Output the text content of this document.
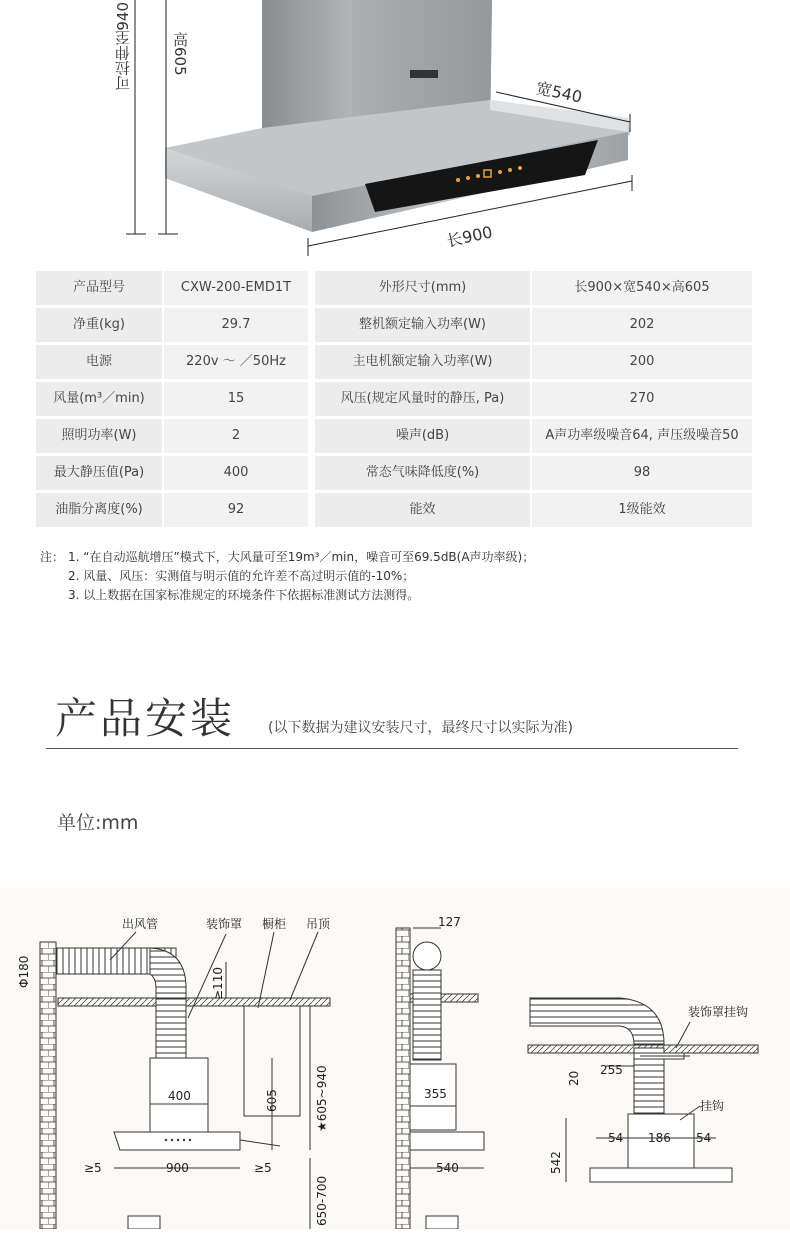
可拉伸至940	高605
宽540
长900
产品型号	CXW-200-EMD1T	外形尺寸(mm)	长900×宽540×高605
净重(kg)	29.7	整机额定输入功率(W)	202
电源	220v ～ ／50Hz	主电机额定输入功率(W)	200
风量(m³／min)	15	风压(规定风量时的静压, Pa)	270
照明功率(W)	2	噪声(dB)	A声功率级噪音64, 声压级噪音50
最大静压值(Pa)	400	常态气味降低度(%)	98
油脂分离度(%)	92	能效	1级能效
注： 1. “在自动巡航增压”模式下，大风量可至19m³／min，噪音可至69.5dB(A声功率级)；
2. 风量、风压：实测值与明示值的允许差不高过明示值的-10%；
3. 以上数据在国家标准规定的环境条件下依据标准测试方法测得。
产品安装 (以下数据为建议安装尺寸，最终尺寸以实际为准)
单位:mm
出风管	装饰罩 橱柜 吊顶
Φ180	≥110
400	605	★605~940
≥5	900	≥5
650-700
127
355
540
装饰罩挂钩
挂钩
20
255
54 186 54
542
